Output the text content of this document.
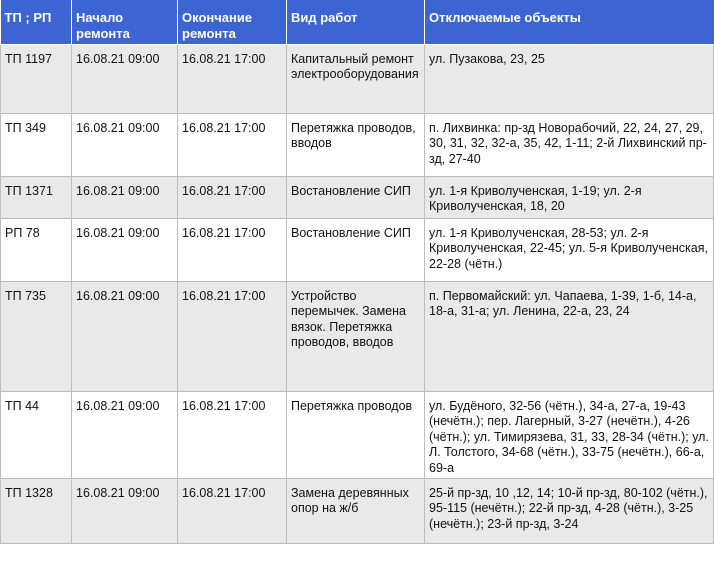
ТП ; РП	Начало ремонта	Окончание ремонта	Вид работ	Отключаемые объекты
ТП 1197	16.08.21 09:00	16.08.21 17:00	Капитальный ремонт электрооборудования	ул. Пузакова, 23, 25
ТП 349	16.08.21 09:00	16.08.21 17:00	Перетяжка проводов, вводов	п. Лихвинка: пр-зд Новорабочий, 22, 24, 27, 29, 30, 31, 32, 32-а, 35, 42, 1-11; 2-й Лихвинский пр-зд, 27-40
ТП 1371	16.08.21 09:00	16.08.21 17:00	Востановление СИП	ул. 1-я Криволученская, 1-19; ул. 2-я Криволученская, 18, 20
РП 78	16.08.21 09:00	16.08.21 17:00	Востановление СИП	ул. 1-я Криволученская, 28-53; ул. 2-я Криволученская, 22-45; ул. 5-я Криволученская, 22-28 (чётн.)
ТП 735	16.08.21 09:00	16.08.21 17:00	Устройство перемычек. Замена вязок. Перетяжка проводов, вводов	п. Первомайский: ул. Чапаева, 1-39, 1-б, 14-а, 18-а, 31-а; ул. Ленина, 22-а, 23, 24
ТП 44	16.08.21 09:00	16.08.21 17:00	Перетяжка проводов	ул. Будёного, 32-56 (чётн.), 34-а, 27-а, 19-43 (нечётн.); пер. Лагерный, 3-27 (нечётн.), 4-26 (чётн.); ул. Тимирязева, 31, 33, 28-34 (чётн.); ул. Л. Толстого, 34-68 (чётн.), 33-75 (нечётн.), 66-а, 69-а
ТП 1328	16.08.21 09:00	16.08.21 17:00	Замена деревянных опор на ж/б	25-й пр-зд, 10 ,12, 14; 10-й пр-зд, 80-102 (чётн.), 95-115 (нечётн.); 22-й пр-зд, 4-28 (чётн.), 3-25 (нечётн.); 23-й пр-зд, 3-24
